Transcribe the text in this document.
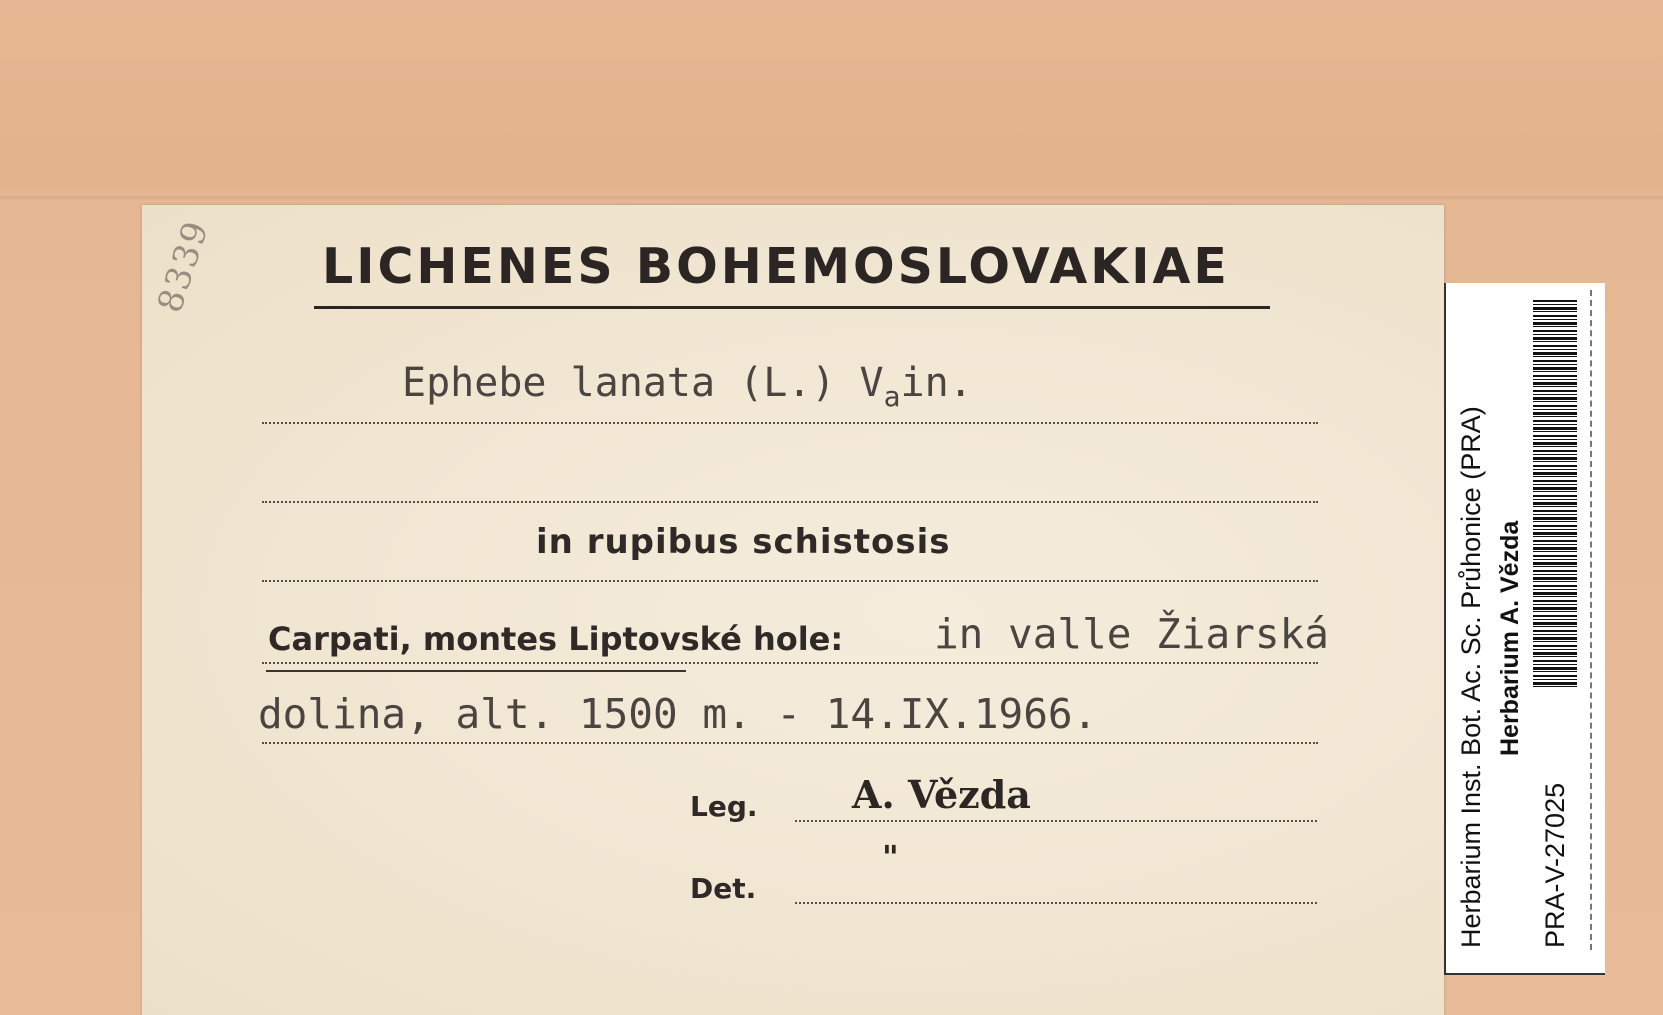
8339 LICHENES BOHEMOSLOVAKIAE
Ephebe lanata (L.) $V_ain$.
in rupibus schistosis
Carpati, montes Liptovské hole: in valle Žiarská
dolina, alt. 1500 m. - 14.IX.1966.
Leg. A. Vězda
"
Det.	Herbarium Inst. Bot. Ac. Sc. Průhonice (PRA) Herbarium A. Vězda
PRA-V-27025
